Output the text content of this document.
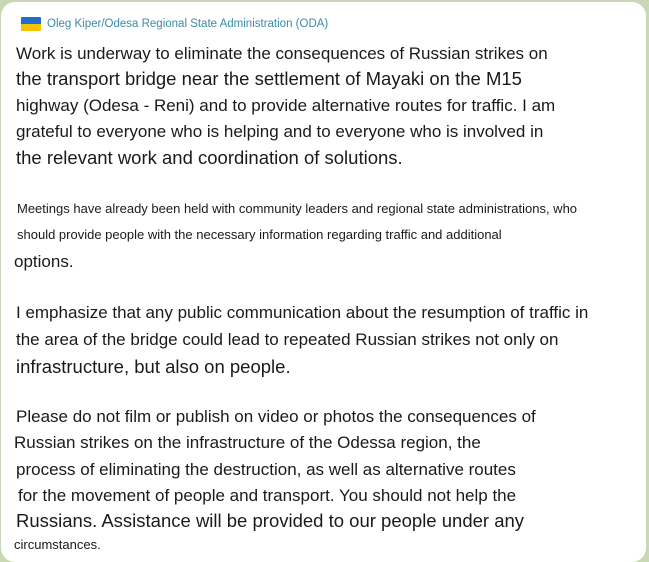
Oleg Kiper/Odesa Regional State Administration (ODA)
Work is underway to eliminate the consequences of Russian strikes on
the transport bridge near the settlement of Mayaki on the M15
highway (Odesa - Reni) and to provide alternative routes for traffic. I am
grateful to everyone who is helping and to everyone who is involved in
the relevant work and coordination of solutions.
Meetings have already been held with community leaders and regional state administrations, who
should provide people with the necessary information regarding traffic and additional
options.
I emphasize that any public communication about the resumption of traffic in
the area of the bridge could lead to repeated Russian strikes not only on
infrastructure, but also on people.
Please do not film or publish on video or photos the consequences of
Russian strikes on the infrastructure of the Odessa region, the
process of eliminating the destruction, as well as alternative routes
for the movement of people and transport. You should not help the
Russians. Assistance will be provided to our people under any
circumstances.
